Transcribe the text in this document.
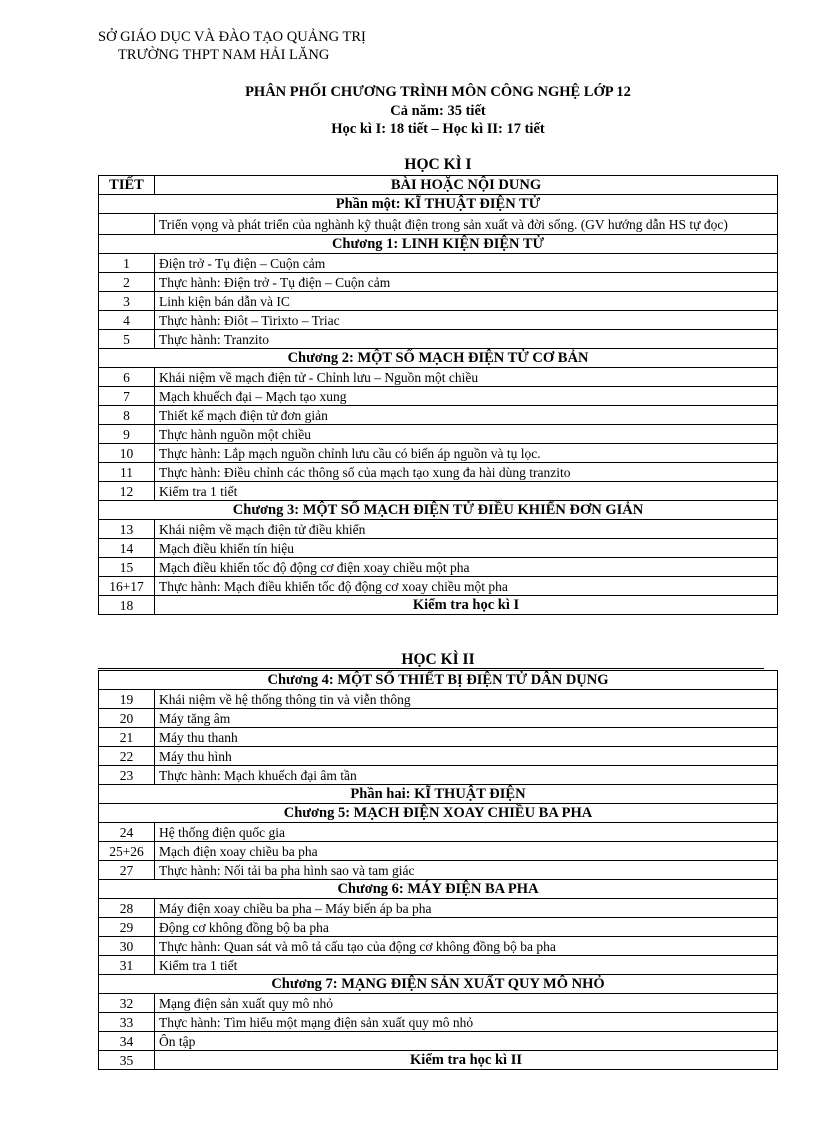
SỞ GIÁO DỤC VÀ ĐÀO TẠO QUẢNG TRỊ
TRƯỜNG THPT NAM HẢI LĂNG
PHÂN PHỐI CHƯƠNG TRÌNH MÔN CÔNG NGHỆ LỚP 12
Cả năm: 35 tiết
Học kì I: 18 tiết – Học kì II: 17 tiết
HỌC KÌ I
TIẾT	BÀI HOẶC NỘI DUNG
Phần một: KĨ THUẬT ĐIỆN TỬ	
	Triển vọng và phát triển của nghành kỹ thuật điện trong sản xuất và đời sống. (GV hướng dẫn HS tự đọc)
Chương 1: LINH KIỆN ĐIỆN TỬ	
1	Điện trở - Tụ điện – Cuộn cảm
2	Thực hành: Điện trở - Tụ điện – Cuộn cảm
3	Linh kiện bán dẫn và IC
4	Thực hành: Điôt – Tirixto – Triac
5	Thực hành: Tranzito
Chương 2: MỘT SỐ MẠCH ĐIỆN TỬ CƠ BẢN	
6	Khái niệm về mạch điện tử - Chỉnh lưu – Nguồn một chiều
7	Mạch khuếch đại – Mạch tạo xung
8	Thiết kế mạch điện tử đơn giản
9	Thực hành nguồn một chiều
10	Thực hành: Lắp mạch nguồn chỉnh lưu cầu có biến áp nguồn và tụ lọc.
11	Thực hành: Điều chỉnh các thông số của mạch tạo xung đa hài dùng tranzito
12	Kiểm tra 1 tiết
Chương 3: MỘT SỐ MẠCH ĐIỆN TỬ ĐIỀU KHIỂN ĐƠN GIẢN	
13	Khái niệm về mạch điện tử điều khiển
14	Mạch điều khiển tín hiệu
15	Mạch điều khiển tốc độ động cơ điện xoay chiều một pha
16+17	Thực hành: Mạch điều khiển tốc độ động cơ xoay chiều một pha
18	Kiểm tra học kì I
HỌC KÌ II
Chương 4: MỘT SỐ THIẾT BỊ ĐIỆN TỬ DÂN DỤNG	
19	Khái niệm về hệ thống thông tin và viễn thông
20	Máy tăng âm
21	Máy thu thanh
22	Máy thu hình
23	Thực hành: Mạch khuếch đại âm tần
Phần hai: KĨ THUẬT ĐIỆN	
Chương 5: MẠCH ĐIỆN XOAY CHIỀU BA PHA	
24	Hệ thống điện quốc gia
25+26	Mạch điện xoay chiều ba pha
27	Thực hành: Nối tải ba pha hình sao và tam giác
Chương 6: MÁY ĐIỆN BA PHA	
28	Máy điện xoay chiều ba pha – Máy biến áp ba pha
29	Động cơ không đồng bộ ba pha
30	Thực hành: Quan sát và mô tả cấu tạo của động cơ không đồng bộ ba pha
31	Kiểm tra 1 tiết
Chương 7: MẠNG ĐIỆN SẢN XUẤT QUY MÔ NHỎ	
32	Mạng điện sản xuất quy mô nhỏ
33	Thực hành: Tìm hiểu một mạng điện sản xuất quy mô nhỏ
34	Ôn tập
35	Kiểm tra học kì II
